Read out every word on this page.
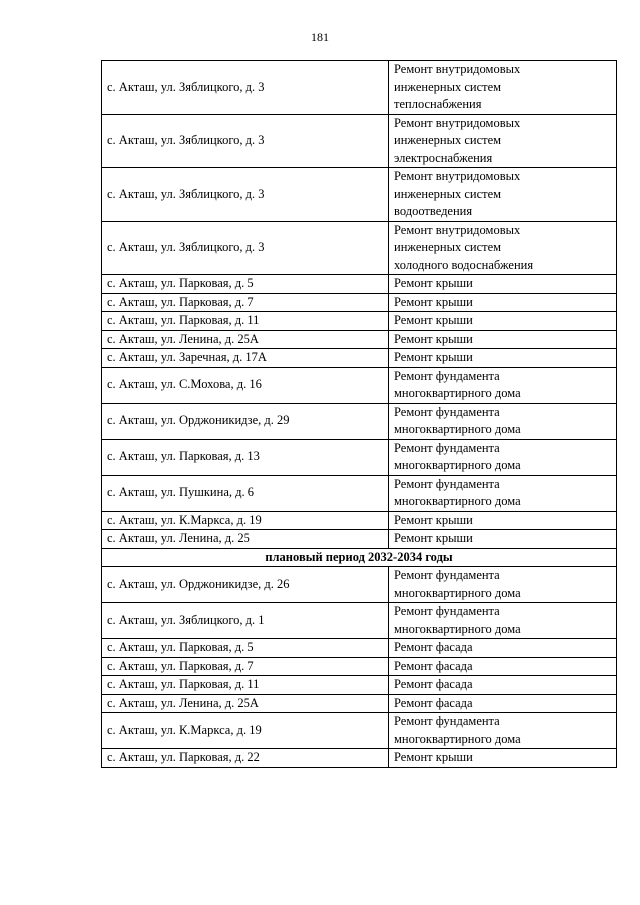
181
с. Акташ, ул. Зяблицкого, д. 3	Ремонт внутридомовых
инженерных систем
теплоснабжения

с. Акташ, ул. Зяблицкого, д. 3	Ремонт внутридомовых
инженерных систем
электроснабжения

с. Акташ, ул. Зяблицкого, д. 3	Ремонт внутридомовых
инженерных систем
водоотведения

с. Акташ, ул. Зяблицкого, д. 3	Ремонт внутридомовых
инженерных систем
холодного водоснабжения

с. Акташ, ул. Парковая, д. 5	Ремонт крыши

с. Акташ, ул. Парковая, д. 7	Ремонт крыши

с. Акташ, ул. Парковая, д. 11	Ремонт крыши

с. Акташ, ул. Ленина, д. 25А	Ремонт крыши

с. Акташ, ул. Заречная, д. 17А	Ремонт крыши

с. Акташ, ул. С.Мохова, д. 16	Ремонт фундамента
многоквартирного дома

с. Акташ, ул. Орджоникидзе, д. 29	Ремонт фундамента
многоквартирного дома

с. Акташ, ул. Парковая, д. 13	Ремонт фундамента
многоквартирного дома

с. Акташ, ул. Пушкина, д. 6	Ремонт фундамента
многоквартирного дома

с. Акташ, ул. К.Маркса, д. 19	Ремонт крыши

с. Акташ, ул. Ленина, д. 25	Ремонт крыши

плановый период 2032-2034 годы	
с. Акташ, ул. Орджоникидзе, д. 26	Ремонт фундамента
многоквартирного дома

с. Акташ, ул. Зяблицкого, д. 1	Ремонт фундамента
многоквартирного дома

с. Акташ, ул. Парковая, д. 5	Ремонт фасада

с. Акташ, ул. Парковая, д. 7	Ремонт фасада

с. Акташ, ул. Парковая, д. 11	Ремонт фасада

с. Акташ, ул. Ленина, д. 25А	Ремонт фасада

с. Акташ, ул. К.Маркса, д. 19	Ремонт фундамента
многоквартирного дома

с. Акташ, ул. Парковая, д. 22	Ремонт крыши
